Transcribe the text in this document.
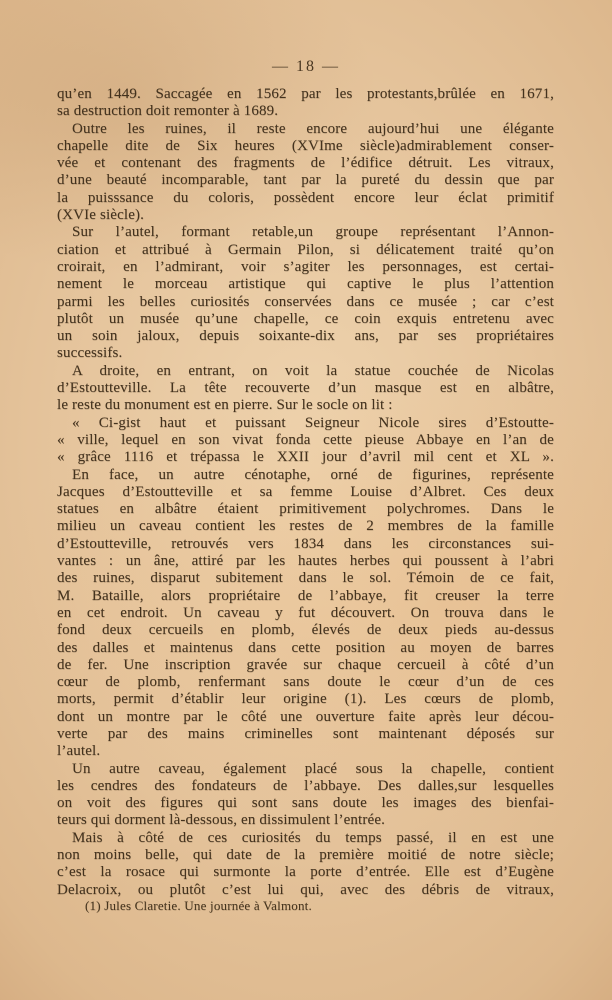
— 18 —
qu’en 1449. Saccagée en 1562 par les protestants,brûlée en 1671,
sa destruction doit remonter à 1689.
Outre les ruines, il reste encore aujourd’hui une élégante
chapelle dite de Six heures (XVIme siècle)admirablement conser-
vée et contenant des fragments de l’édifice détruit. Les vitraux,
d’une beauté incomparable, tant par la pureté du dessin que par
la puisssance du coloris, possèdent encore leur éclat primitif
(XVIe siècle).
Sur l’autel, formant retable,un groupe représentant l’Annon-
ciation et attribué à Germain Pilon, si délicatement traité qu’on
croirait, en l’admirant, voir s’agiter les personnages, est certai-
nement le morceau artistique qui captive le plus l’attention
parmi les belles curiosités conservées dans ce musée ; car c’est
plutôt un musée qu’une chapelle, ce coin exquis entretenu avec
un soin jaloux, depuis soixante-dix ans, par ses propriétaires
successifs.
A droite, en entrant, on voit la statue couchée de Nicolas
d’Estoutteville. La tête recouverte d’un masque est en albâtre,
le reste du monument est en pierre. Sur le socle on lit :
« Ci-gist haut et puissant Seigneur Nicole sires d’Estoutte-
« ville, lequel en son vivat fonda cette pieuse Abbaye en l’an de
« grâce 1116 et trépassa le XXII jour d’avril mil cent et XL ».
En face, un autre cénotaphe, orné de figurines, représente
Jacques d’Estoutteville et sa femme Louise d’Albret. Ces deux
statues en albâtre étaient primitivement polychromes. Dans le
milieu un caveau contient les restes de 2 membres de la famille
d’Estoutteville, retrouvés vers 1834 dans les circonstances sui-
vantes : un âne, attiré par les hautes herbes qui poussent à l’abri
des ruines, disparut subitement dans le sol. Témoin de ce fait,
M. Bataille, alors propriétaire de l’abbaye, fit creuser la terre
en cet endroit. Un caveau y fut découvert. On trouva dans le
fond deux cercueils en plomb, élevés de deux pieds au-dessus
des dalles et maintenus dans cette position au moyen de barres
de fer. Une inscription gravée sur chaque cercueil à côté d’un
cœur de plomb, renfermant sans doute le cœur d’un de ces
morts, permit d’établir leur origine (1). Les cœurs de plomb,
dont un montre par le côté une ouverture faite après leur décou-
verte par des mains criminelles sont maintenant déposés sur
l’autel.
Un autre caveau, également placé sous la chapelle, contient
les cendres des fondateurs de l’abbaye. Des dalles,sur lesquelles
on voit des figures qui sont sans doute les images des bienfai-
teurs qui dorment là-dessous, en dissimulent l’entrée.
Mais à côté de ces curiosités du temps passé, il en est une
non moins belle, qui date de la première moitié de notre siècle;
c’est la rosace qui surmonte la porte d’entrée. Elle est d’Eugène
Delacroix, ou plutôt c’est lui qui, avec des débris de vitraux,
(1) Jules Claretie. Une journée à Valmont.
